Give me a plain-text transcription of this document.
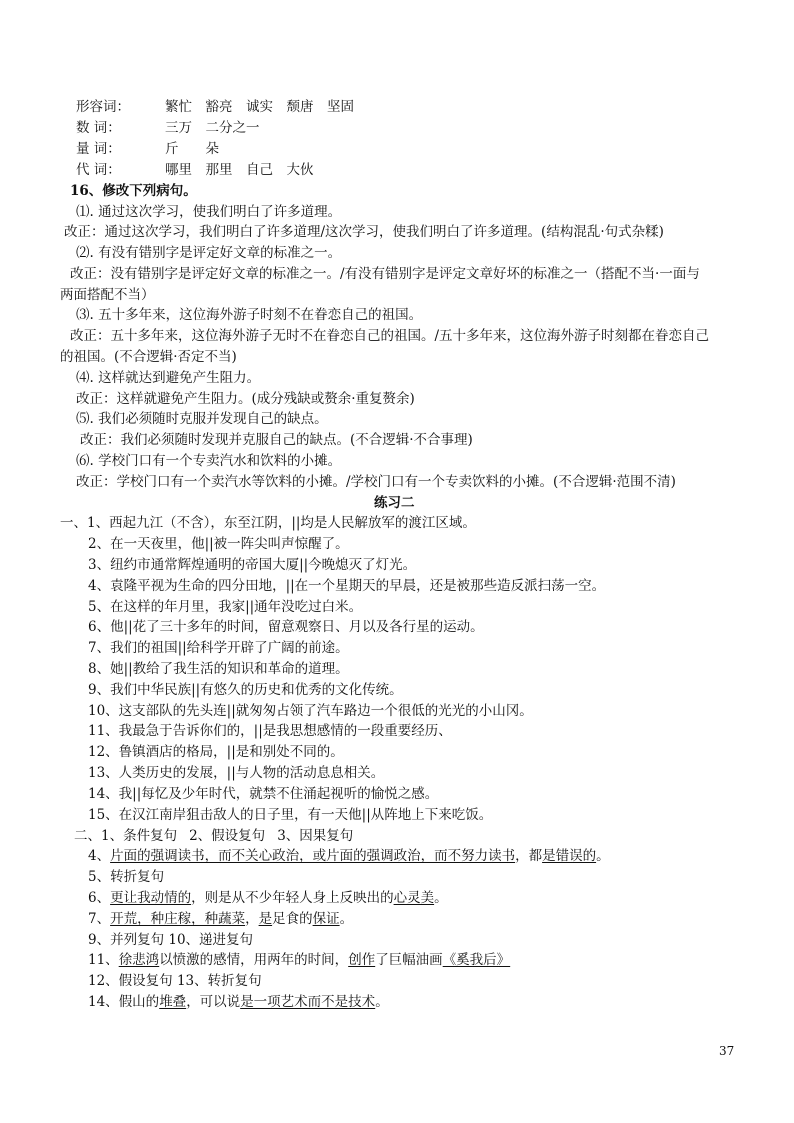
形容词：	繁忙　豁亮　诚实　颓唐　坚固
数 词：	三万　二分之一
量 词：	斤　　朵
代 词：	哪里　那里　自己　大伙
16、修改下列病句。
⑴. 通过这次学习，使我们明白了许多道理。
改正：通过这次学习，我们明白了许多道理/这次学习，使我们明白了许多道理。(结构混乱·句式杂糅)
⑵. 有没有错别字是评定好文章的标准之一。
改正：没有错别字是评定好文章的标准之一。/有没有错别字是评定文章好坏的标准之一（搭配不当·一面与
两面搭配不当）
⑶. 五十多年来，这位海外游子时刻不在眷恋自己的祖国。
改正：五十多年来，这位海外游子无时不在眷恋自己的祖国。/五十多年来，这位海外游子时刻都在眷恋自己
的祖国。(不合逻辑·否定不当)
⑷. 这样就达到避免产生阻力。
改正：这样就避免产生阻力。(成分残缺或赘余·重复赘余)
⑸. 我们必须随时克服并发现自己的缺点。
改正：我们必须随时发现并克服自己的缺点。(不合逻辑·不合事理)
⑹. 学校门口有一个专卖汽水和饮料的小摊。
改正：学校门口有一个卖汽水等饮料的小摊。/学校门口有一个专卖饮料的小摊。(不合逻辑·范围不清)
练习二
一、1、西起九江（不含），东至江阴，||均是人民解放军的渡江区域。
2、在一天夜里，他||被一阵尖叫声惊醒了。
3、纽约市通常辉煌通明的帝国大厦||今晚熄灭了灯光。
4、袁隆平视为生命的四分田地，||在一个星期天的早晨，还是被那些造反派扫荡一空。
5、在这样的年月里，我家||通年没吃过白米。
6、他||花了三十多年的时间，留意观察日、月以及各行星的运动。
7、我们的祖国||给科学开辟了广阔的前途。
8、她||教给了我生活的知识和革命的道理。
9、我们中华民族||有悠久的历史和优秀的文化传统。
10、这支部队的先头连||就匆匆占领了汽车路边一个很低的光光的小山冈。
11、我最急于告诉你们的，||是我思想感情的一段重要经历、
12、鲁镇酒店的格局，||是和别处不同的。
13、人类历史的发展，||与人物的活动息息相关。
14、我||每忆及少年时代，就禁不住涌起视听的愉悦之感。
15、在汉江南岸狙击敌人的日子里，有一天他||从阵地上下来吃饭。
二、1、条件复句 2、假设复句 3、因果复句
4、片面的强调读书，而不关心政治，或片面的强调政治，而不努力读书，都是错误的。
5、转折复句
6、更让我动情的，则是从不少年轻人身上反映出的心灵美。
7、开荒，种庄稼，种蔬菜，是足食的保证。
9、并列复句 10、递进复句
11、徐悲鸿以愤激的感情，用两年的时间，创作了巨幅油画《奚我后》
12、假设复句 13、转折复句
14、假山的堆叠，可以说是一项艺术而不是技术。
37
